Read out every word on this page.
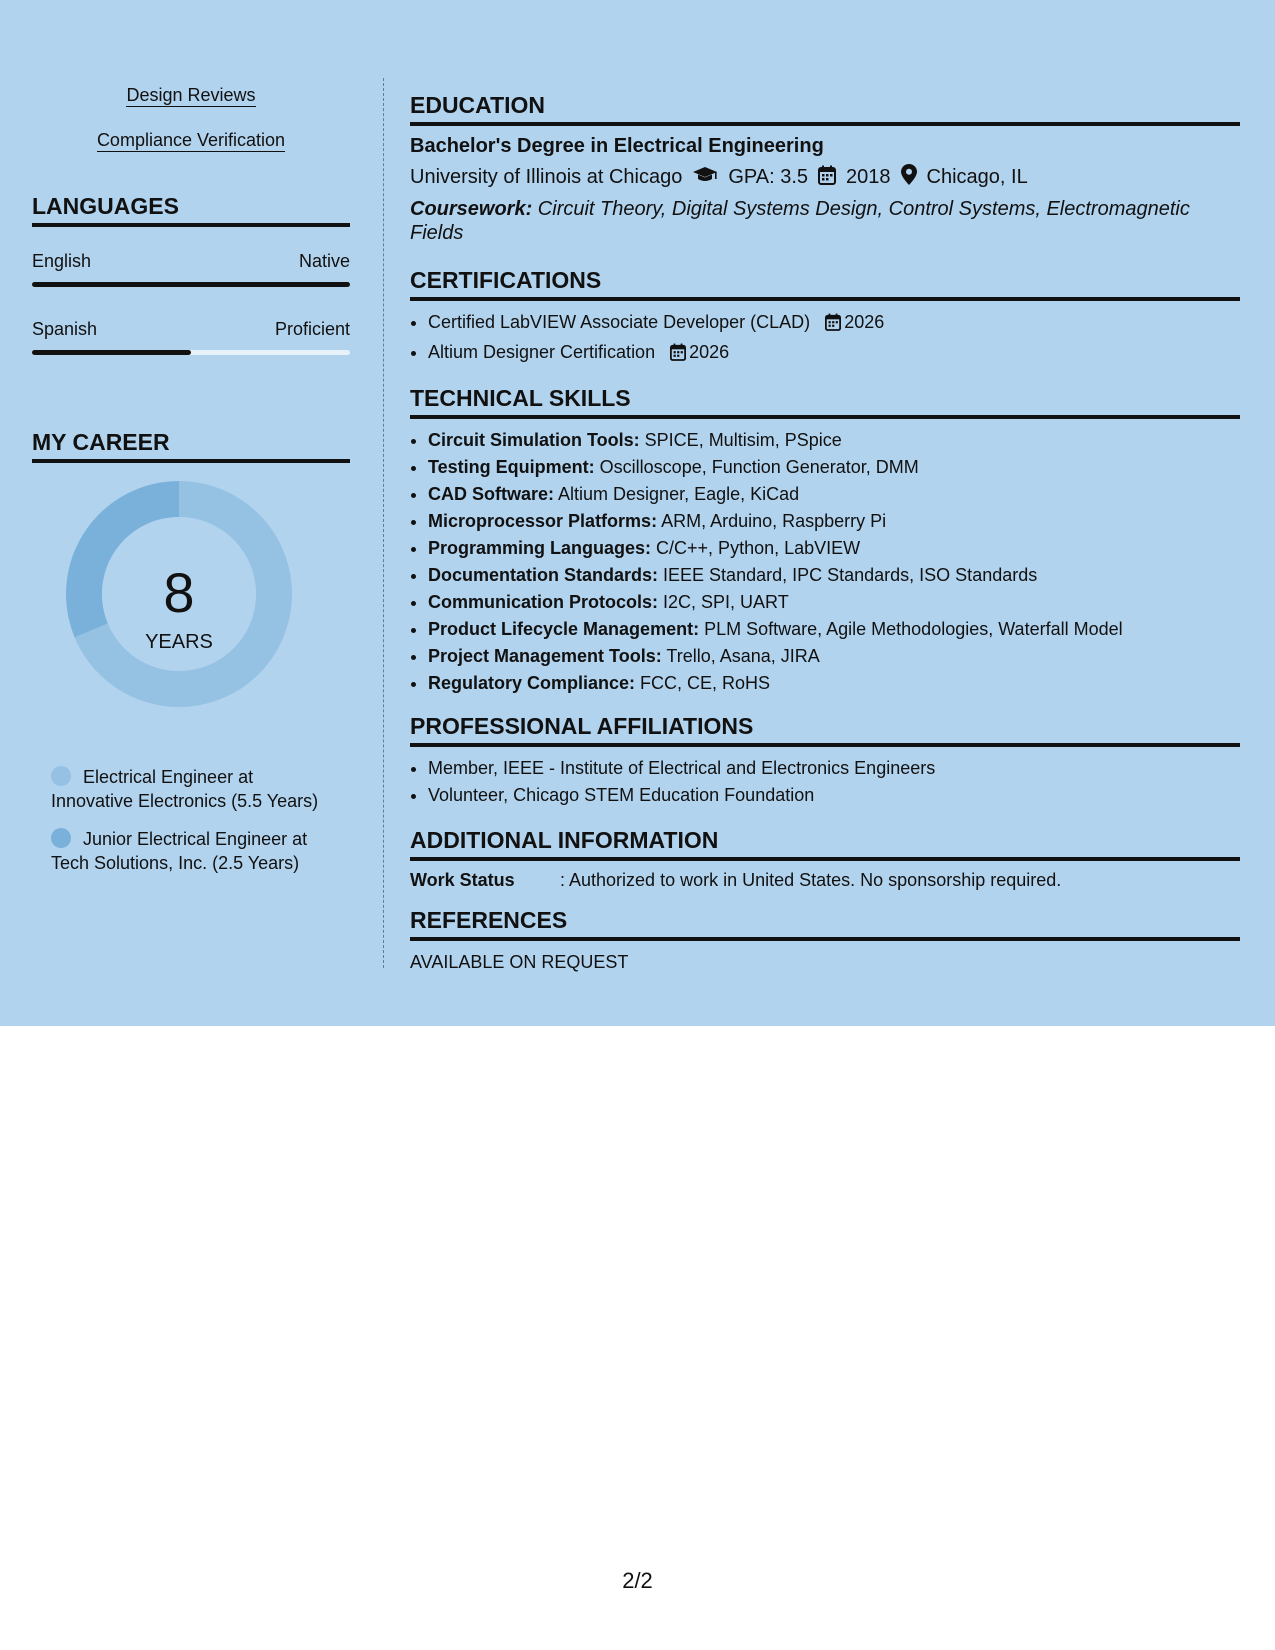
Design Reviews
Compliance Verification
LANGUAGES
English	Native
Spanish	Proficient
MY CAREER
8
YEARS
Electrical Engineer at Innovative Electronics (5.5 Years)
Junior Electrical Engineer at Tech Solutions, Inc. (2.5 Years)
EDUCATION
Bachelor's Degree in Electrical Engineering
University of Illinois at Chicago GPA: 3.5 2018 Chicago, IL
Coursework: Circuit Theory, Digital Systems Design, Control Systems, Electromagnetic Fields
CERTIFICATIONS
• Certified LabVIEW Associate Developer (CLAD) 2026
• Altium Designer Certification 2026
TECHNICAL SKILLS
• Circuit Simulation Tools: SPICE, Multisim, PSpice
• Testing Equipment: Oscilloscope, Function Generator, DMM
• CAD Software: Altium Designer, Eagle, KiCad
• Microprocessor Platforms: ARM, Arduino, Raspberry Pi
• Programming Languages: C/C++, Python, LabVIEW
• Documentation Standards: IEEE Standard, IPC Standards, ISO Standards
• Communication Protocols: I2C, SPI, UART
• Product Lifecycle Management: PLM Software, Agile Methodologies, Waterfall Model
• Project Management Tools: Trello, Asana, JIRA
• Regulatory Compliance: FCC, CE, RoHS
PROFESSIONAL AFFILIATIONS
• Member, IEEE - Institute of Electrical and Electronics Engineers
• Volunteer, Chicago STEM Education Foundation
ADDITIONAL INFORMATION
Work Status	: Authorized to work in United States. No sponsorship required.
REFERENCES
AVAILABLE ON REQUEST
2/2
